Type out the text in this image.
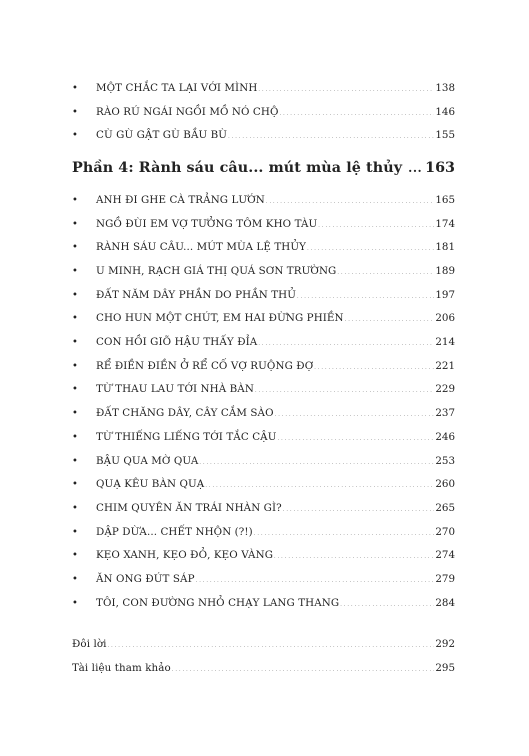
•	MỘT CHẮC TA LẠI VỚI MÌNH . . .	138
•	RÀO RÚ NGÁI NGỒI MỒ NÓ CHỘ . . .	146
•	CÙ GÙ GẬT GÙ BẦU BÙ . . .	155
Phần 4: Rành sáu câu... mút mùa lệ thủy ..... 163
•	ANH ĐI GHE CÀ TRẢNG LƯỚN . . .	165
•	NGỒ ĐÙI EM VỢ TƯỞNG TÔM KHO TÀU . . .	174
•	RÀNH SÁU CÂU... MÚT MÙA LỆ THỦY . . .	181
•	U MINH, RẠCH GIÁ THỊ QUÁ SƠN TRƯỜNG . . .	189
•	ĐẤT NĂM DÂY PHẦN DO PHẦN THỦ . . .	197
•	CHO HUN MỘT CHÚT, EM HAI ĐỪNG PHIỀN . . .	206
•	CON HỒI GIÕ HẬU THẤY ĐỈA . . .	214
•	RỂ ĐIỀN ĐIỀN Ở RỂ CỐ VỢ RUỘNG ĐỢ . . .	221
•	TỪ THAU LAU TỚI NHÀ BÀN . . .	229
•	ĐẤT CHĂNG DÂY, CÂY CẮM SÀO . . .	237
•	TỪ THIẾNG LIẾNG TỚI TẮC CẬU . . .	246
•	BẬU QUA MỜ QUA . . .	253
•	QUẠ KÊU BÀN QUẠ . . .	260
•	CHIM QUYÊN ĂN TRÁI NHÀN GÌ? . . .	265
•	DẬP DỪA... CHẾT NHỘN (?!) . . .	270
•	KẸO XANH, KẸO ĐỎ, KẸO VÀNG . . .	274
•	ĂN ONG ĐÚT SÁP . . .	279
•	TÔI, CON ĐƯỜNG NHỎ CHẠY LANG THANG . . .	284
Đôi lời . . .	292
Tài liệu tham khảo . . .	295
